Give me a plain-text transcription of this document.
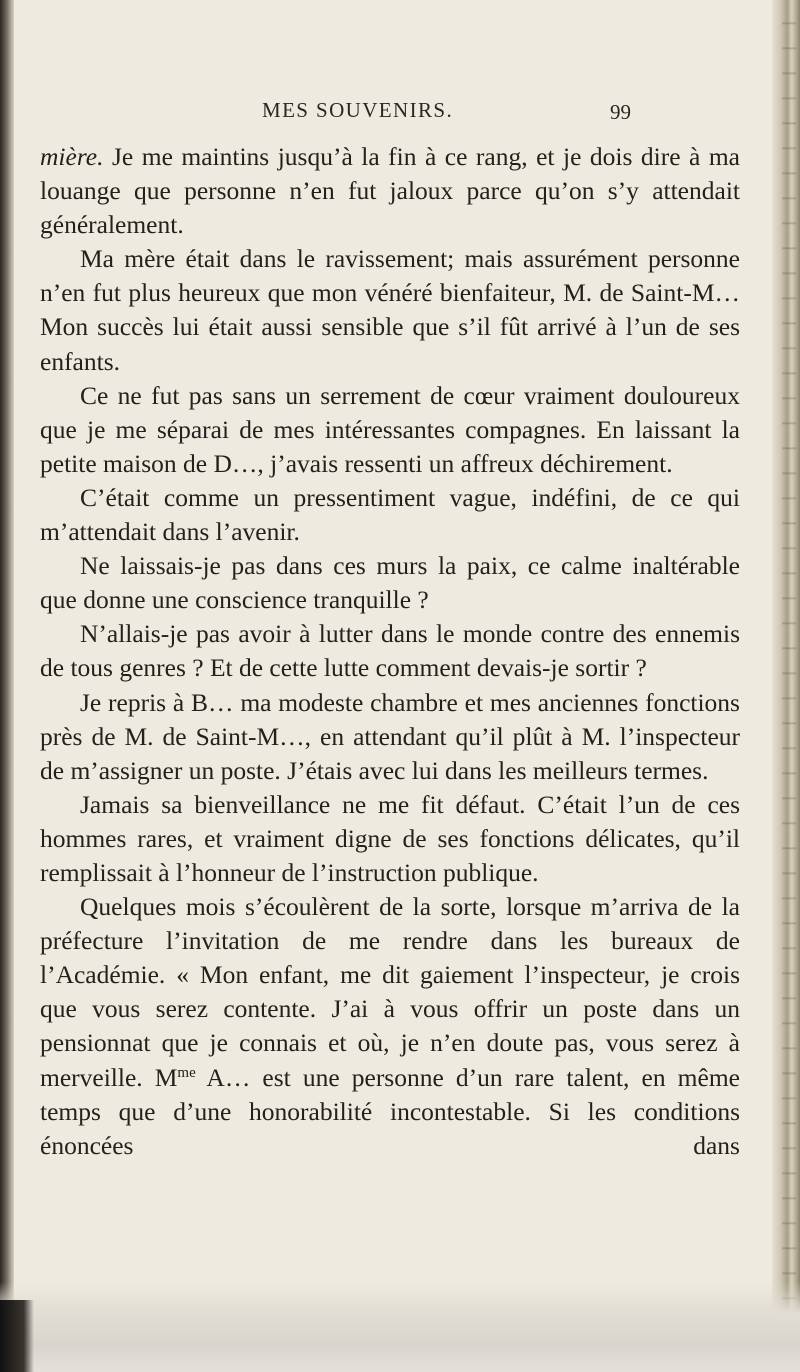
MES SOUVENIRS.	99

mière. Je me maintins jusqu’à la fin à ce rang, et je dois dire à ma louange que personne n’en fut jaloux parce qu’on s’y attendait généralement.

Ma mère était dans le ravissement; mais assurément personne n’en fut plus heureux que mon vénéré bienfaiteur, M. de Saint-M… Mon succès lui était aussi sensible que s’il fût arrivé à l’un de ses enfants.

Ce ne fut pas sans un serrement de cœur vraiment douloureux que je me séparai de mes intéressantes compagnes. En laissant la petite maison de D…, j’avais ressenti un affreux déchirement.

C’était comme un pressentiment vague, indéfini, de ce qui m’attendait dans l’avenir.

Ne laissais-je pas dans ces murs la paix, ce calme inaltérable que donne une conscience tranquille ?

N’allais-je pas avoir à lutter dans le monde contre des ennemis de tous genres ? Et de cette lutte comment devais-je sortir ?

Je repris à B… ma modeste chambre et mes anciennes fonctions près de M. de Saint-M…, en attendant qu’il plût à M. l’inspecteur de m’assigner un poste. J’étais avec lui dans les meilleurs termes.

Jamais sa bienveillance ne me fit défaut. C’était l’un de ces hommes rares, et vraiment digne de ses fonctions délicates, qu’il remplissait à l’honneur de l’instruction publique.

Quelques mois s’écoulèrent de la sorte, lorsque m’arriva de la préfecture l’invitation de me rendre dans les bureaux de l’Académie. « Mon enfant, me dit gaiement l’inspecteur, je crois que vous serez contente. J’ai à vous offrir un poste dans un pensionnat que je connais et où, je n’en doute pas, vous serez à merveille. $M^{me}$ A… est une personne d’un rare talent, en même temps que d’une honorabilité incontestable. Si les conditions énoncées dans
